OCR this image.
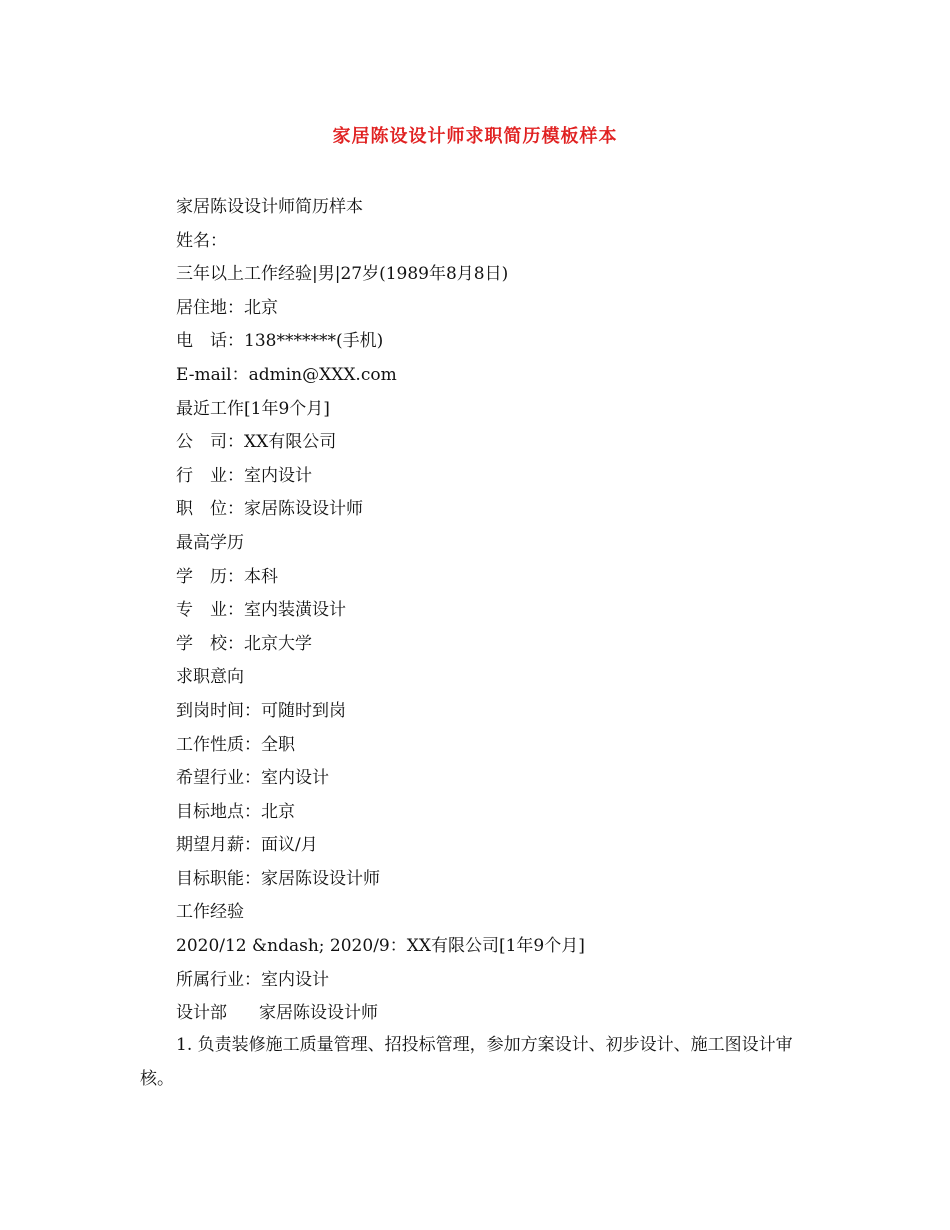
家居陈设设计师求职简历模板样本
家居陈设设计师简历样本
姓名：
三年以上工作经验|男|27岁(1989年8月8日)
居住地：北京
电　话：138*******(手机)
E-mail：admin@XXX.com
最近工作[1年9个月]
公　司：XX有限公司
行　业：室内设计
职　位：家居陈设设计师
最高学历
学　历：本科
专　业：室内装潢设计
学　校：北京大学
求职意向
到岗时间：可随时到岗
工作性质：全职
希望行业：室内设计
目标地点：北京
期望月薪：面议/月
目标职能：家居陈设设计师
工作经验
2020/12 &ndash; 2020/9：XX有限公司[1年9个月]
所属行业：室内设计
设计部 家居陈设设计师
1. 负责装修施工质量管理、招投标管理，参加方案设计、初步设计、施工图设计审核。
